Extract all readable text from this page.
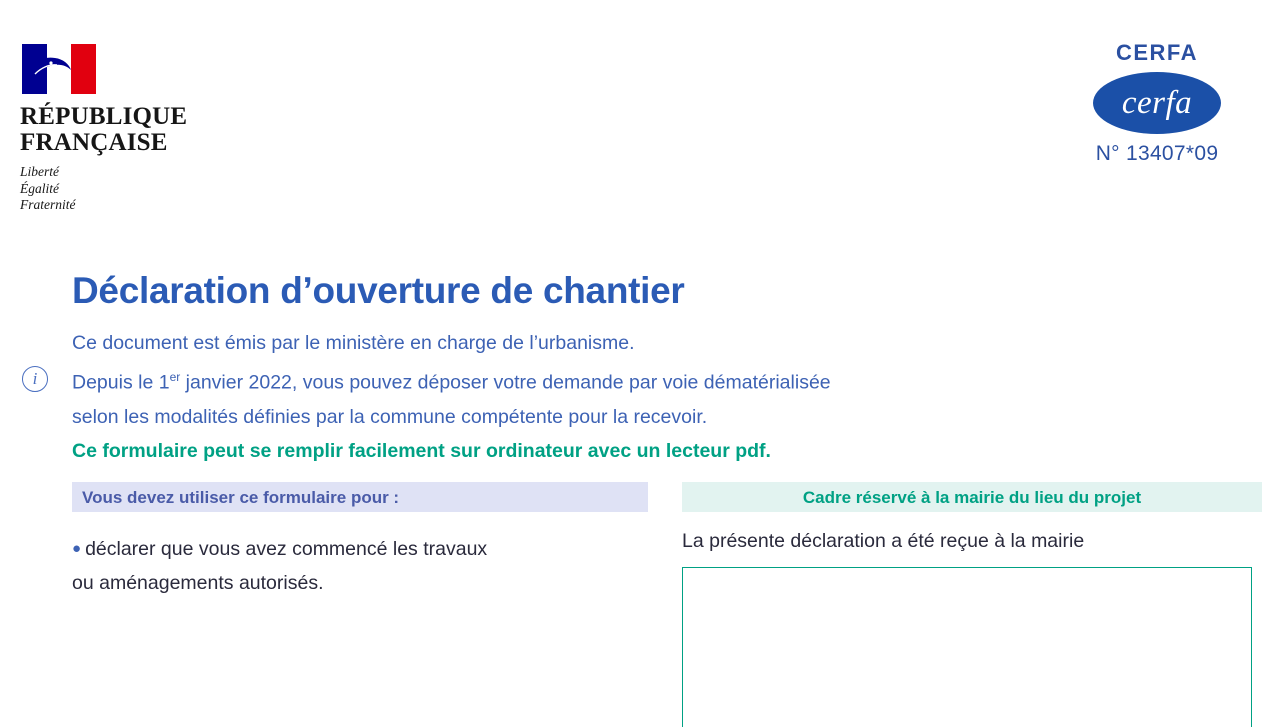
RÉPUBLIQUE
FRANÇAISE
Liberté
Égalité
Fraternité
CERFA
cerfa
N° 13407*09
Déclaration d’ouverture de chantier
i

Ce document est émis par le ministère en charge de l’urbanisme.

Depuis le 1er janvier 2022, vous pouvez déposer votre demande par voie dématérialisée

selon les modalités définies par la commune compétente pour la recevoir.

Ce formulaire peut se remplir facilement sur ordinateur avec un lecteur pdf.

Vous devez utiliser ce formulaire pour :
● déclarer que vous avez commencé les travaux
ou aménagements autorisés.
Cadre réservé à la mairie du lieu du projet
La présente déclaration a été reçue à la mairie
